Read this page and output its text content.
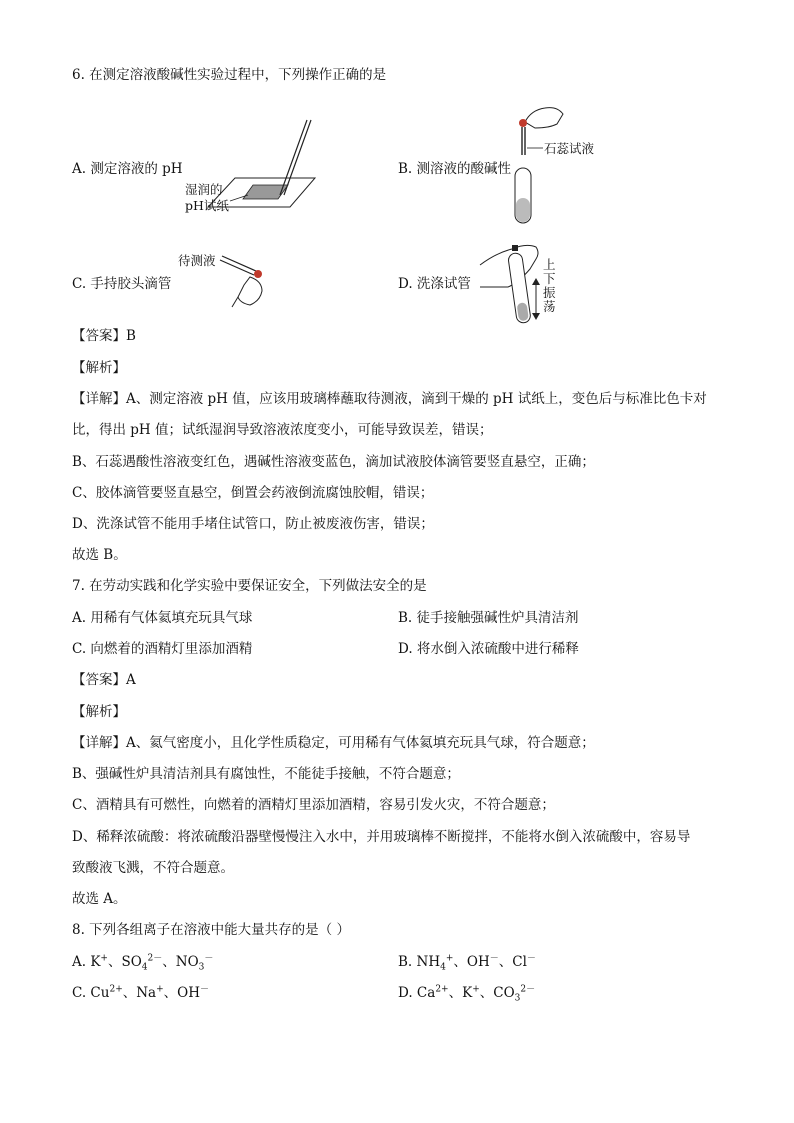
6. 在测定溶液酸碱性实验过程中，下列操作正确的是
A. 测定溶液的 pH
湿润的
pH试纸
B. 测溶液的酸碱性
石蕊试液
C. 手持胶头滴管
待测液
D. 洗涤试管
上
下
振
荡
【答案】B
【解析】
【详解】A、测定溶液 pH 值，应该用玻璃棒蘸取待测液，滴到干燥的 pH 试纸上，变色后与标准比色卡对
比，得出 pH 值；试纸湿润导致溶液浓度变小，可能导致误差，错误；
B、石蕊遇酸性溶液变红色，遇碱性溶液变蓝色，滴加试液胶体滴管要竖直悬空，正确；
C、胶体滴管要竖直悬空，倒置会药液倒流腐蚀胶帽，错误；
D、洗涤试管不能用手堵住试管口，防止被废液伤害，错误；
故选 B。
7. 在劳动实践和化学实验中要保证安全，下列做法安全的是
A. 用稀有气体氦填充玩具气球	B. 徒手接触强碱性炉具清洁剂
C. 向燃着的酒精灯里添加酒精	D. 将水倒入浓硫酸中进行稀释
【答案】A
【解析】
【详解】A、氦气密度小，且化学性质稳定，可用稀有气体氦填充玩具气球，符合题意；
B、强碱性炉具清洁剂具有腐蚀性，不能徒手接触，不符合题意；
C、酒精具有可燃性，向燃着的酒精灯里添加酒精，容易引发火灾，不符合题意；
D、稀释浓硫酸：将浓硫酸沿器壁慢慢注入水中，并用玻璃棒不断搅拌，不能将水倒入浓硫酸中，容易导
致酸液飞溅，不符合题意。
故选 A。
8. 下列各组离子在溶液中能大量共存的是（ ）
A. K+、$SO_4^{2-}$、$NO_3^-$	B. $NH_4^+$、OH－、Cl－
C. $Cu^{2+}$、Na+、OH－	D. $Ca^{2+}$、K+、$CO_3^{2-}$
